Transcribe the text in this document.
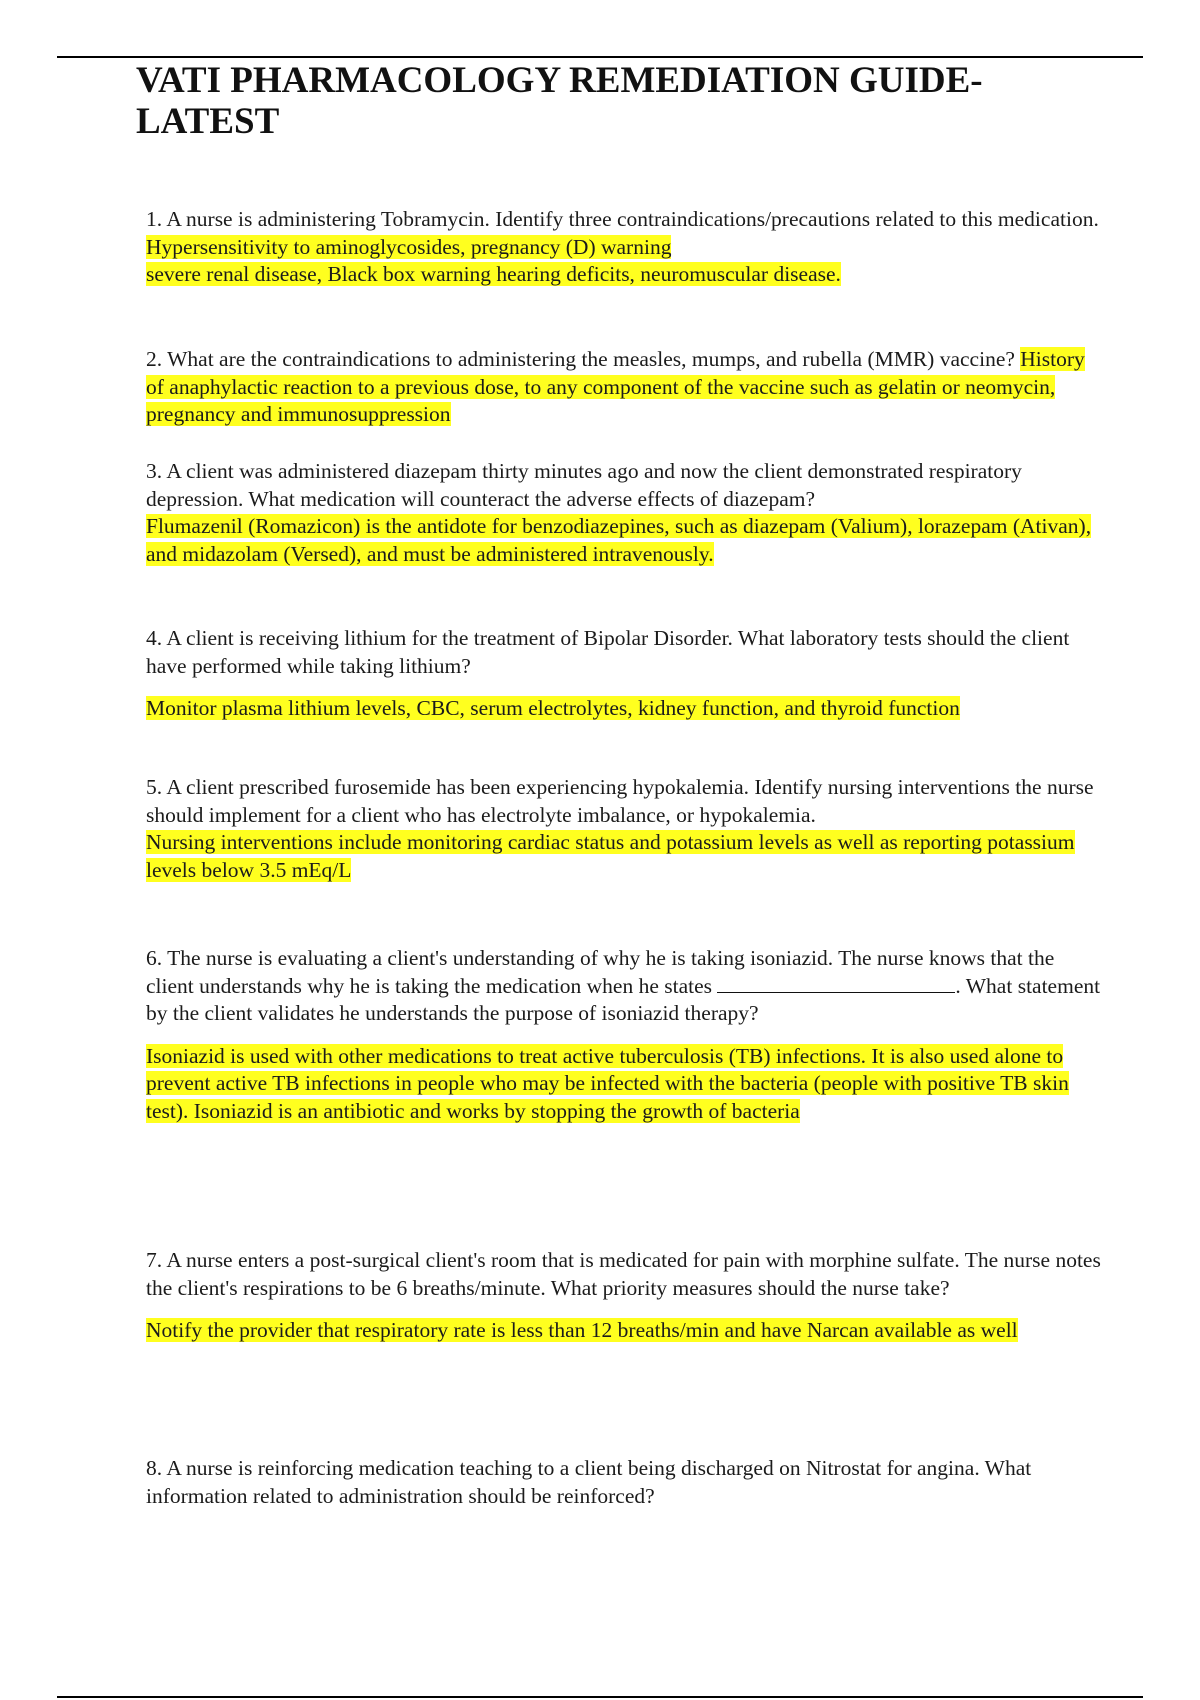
VATI PHARMACOLOGY REMEDIATION GUIDE-LATEST

1. A nurse is administering Tobramycin. Identify three contraindications/precautions related to this medication.

Hypersensitivity to aminoglycosides, pregnancy (D) warning

severe renal disease, Black box warning hearing deficits, neuromuscular disease.

2. What are the contraindications to administering the measles, mumps, and rubella (MMR) vaccine? History of anaphylactic reaction to a previous dose, to any component of the vaccine such as gelatin or neomycin, pregnancy and immunosuppression

3. A client was administered diazepam thirty minutes ago and now the client demonstrated respiratory depression. What medication will counteract the adverse effects of diazepam?

Flumazenil (Romazicon) is the antidote for benzodiazepines, such as diazepam (Valium), lorazepam (Ativan), and midazolam (Versed), and must be administered intravenously.

4. A client is receiving lithium for the treatment of Bipolar Disorder. What laboratory tests should the client have performed while taking lithium?

Monitor plasma lithium levels, CBC, serum electrolytes, kidney function, and thyroid function

5. A client prescribed furosemide has been experiencing hypokalemia. Identify nursing interventions the nurse should implement for a client who has electrolyte imbalance, or hypokalemia.

Nursing interventions include monitoring cardiac status and potassium levels as well as reporting potassium levels below 3.5 mEq/L

6. The nurse is evaluating a client's understanding of why he is taking isoniazid. The nurse knows that the client understands why he is taking the medication when he states	. What statement by the client validates he understands the purpose of isoniazid therapy?

Isoniazid is used with other medications to treat active tuberculosis (TB) infections. It is also used alone to prevent active TB infections in people who may be infected with the bacteria (people with positive TB skin test). Isoniazid is an antibiotic and works by stopping the growth of bacteria

7. A nurse enters a post-surgical client's room that is medicated for pain with morphine sulfate. The nurse notes the client's respirations to be 6 breaths/minute. What priority measures should the nurse take?

Notify the provider that respiratory rate is less than 12 breaths/min and have Narcan available as well

8. A nurse is reinforcing medication teaching to a client being discharged on Nitrostat for angina. What information related to administration should be reinforced?
